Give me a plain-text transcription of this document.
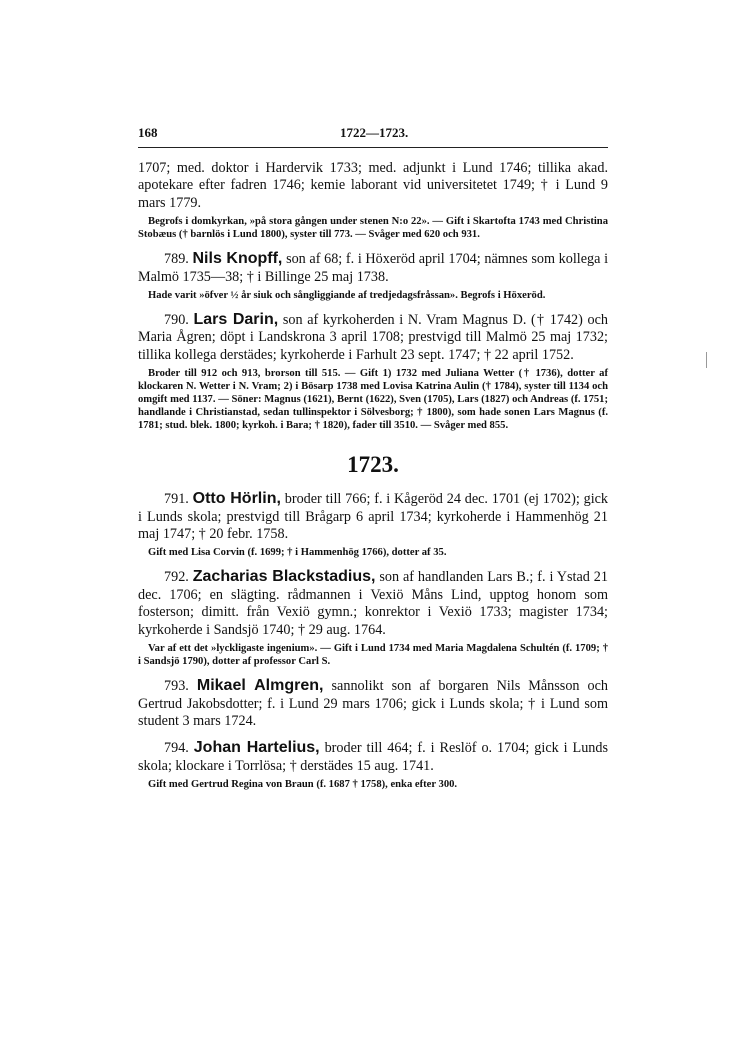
168	1722—1723.

1707; med. doktor i Hardervik 1733; med. adjunkt i Lund 1746; tillika akad. apotekare efter fadren 1746; kemie laborant vid universitetet 1749; † i Lund 9 mars 1779.

Begrofs i domkyrkan, »på stora gången under stenen N:o 22». — Gift i Skartofta 1743 med Christina Stobæus († barnlös i Lund 1800), syster till 773. — Svåger med 620 och 931.

789. Nils Knopff, son af 68; f. i Höxeröd april 1704; nämnes som kollega i Malmö 1735—38; † i Billinge 25 maj 1738.

Hade varit »öfver ½ år siuk och sångliggiande af tredjedagsfråssan». Begrofs i Höxeröd.

790. Lars Darin, son af kyrkoherden i N. Vram Magnus D. († 1742) och Maria Ågren; döpt i Landskrona 3 april 1708; prestvigd till Malmö 25 maj 1732; tillika kollega derstädes; kyrkoherde i Farhult 23 sept. 1747; † 22 april 1752.

Broder till 912 och 913, brorson till 515. — Gift 1) 1732 med Juliana Wetter († 1736), dotter af klockaren N. Wetter i N. Vram; 2) i Bösarp 1738 med Lovisa Katrina Aulin († 1784), syster till 1134 och omgift med 1137. — Söner: Magnus (1621), Bernt (1622), Sven (1705), Lars (1827) och Andreas (f. 1751; handlande i Christianstad, sedan tullinspektor i Sölvesborg; † 1800), som hade sonen Lars Magnus (f. 1781; stud. blek. 1800; kyrkoh. i Bara; † 1820), fader till 3510. — Svåger med 855.

1723.

791. Otto Hörlin, broder till 766; f. i Kågeröd 24 dec. 1701 (ej 1702); gick i Lunds skola; prestvigd till Brågarp 6 april 1734; kyrkoherde i Hammenhög 21 maj 1747; † 20 febr. 1758.

Gift med Lisa Corvin (f. 1699; † i Hammenhög 1766), dotter af 35.

792. Zacharias Blackstadius, son af handlanden Lars B.; f. i Ystad 21 dec. 1706; en slägting. rådmannen i Vexiö Måns Lind, upptog honom som fosterson; dimitt. från Vexiö gymn.; konrektor i Vexiö 1733; magister 1734; kyrkoherde i Sandsjö 1740; † 29 aug. 1764.

Var af ett det »lyckligaste ingenium». — Gift i Lund 1734 med Maria Magdalena Schultén (f. 1709; † i Sandsjö 1790), dotter af professor Carl S.

793. Mikael Almgren, sannolikt son af borgaren Nils Månsson och Gertrud Jakobsdotter; f. i Lund 29 mars 1706; gick i Lunds skola; † i Lund som student 3 mars 1724.

794. Johan Hartelius, broder till 464; f. i Reslöf o. 1704; gick i Lunds skola; klockare i Torrlösa; † derstädes 15 aug. 1741.

Gift med Gertrud Regina von Braun (f. 1687 † 1758), enka efter 300.
